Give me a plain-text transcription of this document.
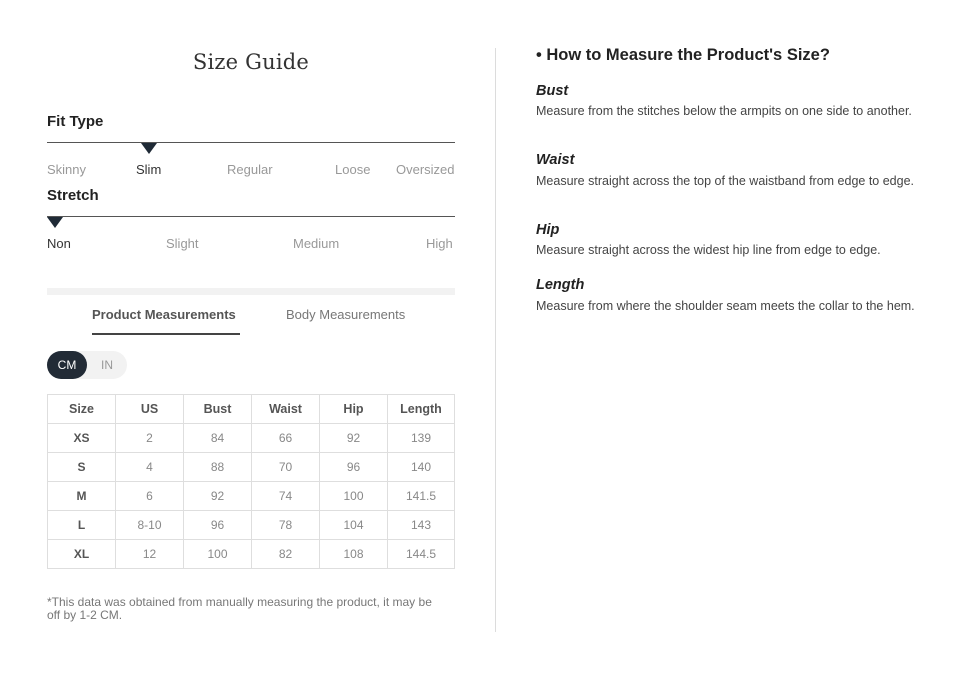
Size Guide
Fit Type
Skinny	Slim	Regular	Loose Oversized
Stretch
Non	Slight	Medium	High
Product Measurements	Body Measurements
CM	IN
Size	US	Bust	Waist	Hip	Length
XS	2	84	66	92	139
S	4	88	70	96	140
M	6	92	74	100	141.5
L	8-10	96	78	104	143
XL	12	100	82	108	144.5
*This data was obtained from manually measuring the product, it may be off by 1-2 CM.
• How to Measure the Product's Size?
Bust
Measure from the stitches below the armpits on one side to another.
Waist
Measure straight across the top of the waistband from edge to edge.
Hip
Measure straight across the widest hip line from edge to edge.
Length
Measure from where the shoulder seam meets the collar to the hem.
